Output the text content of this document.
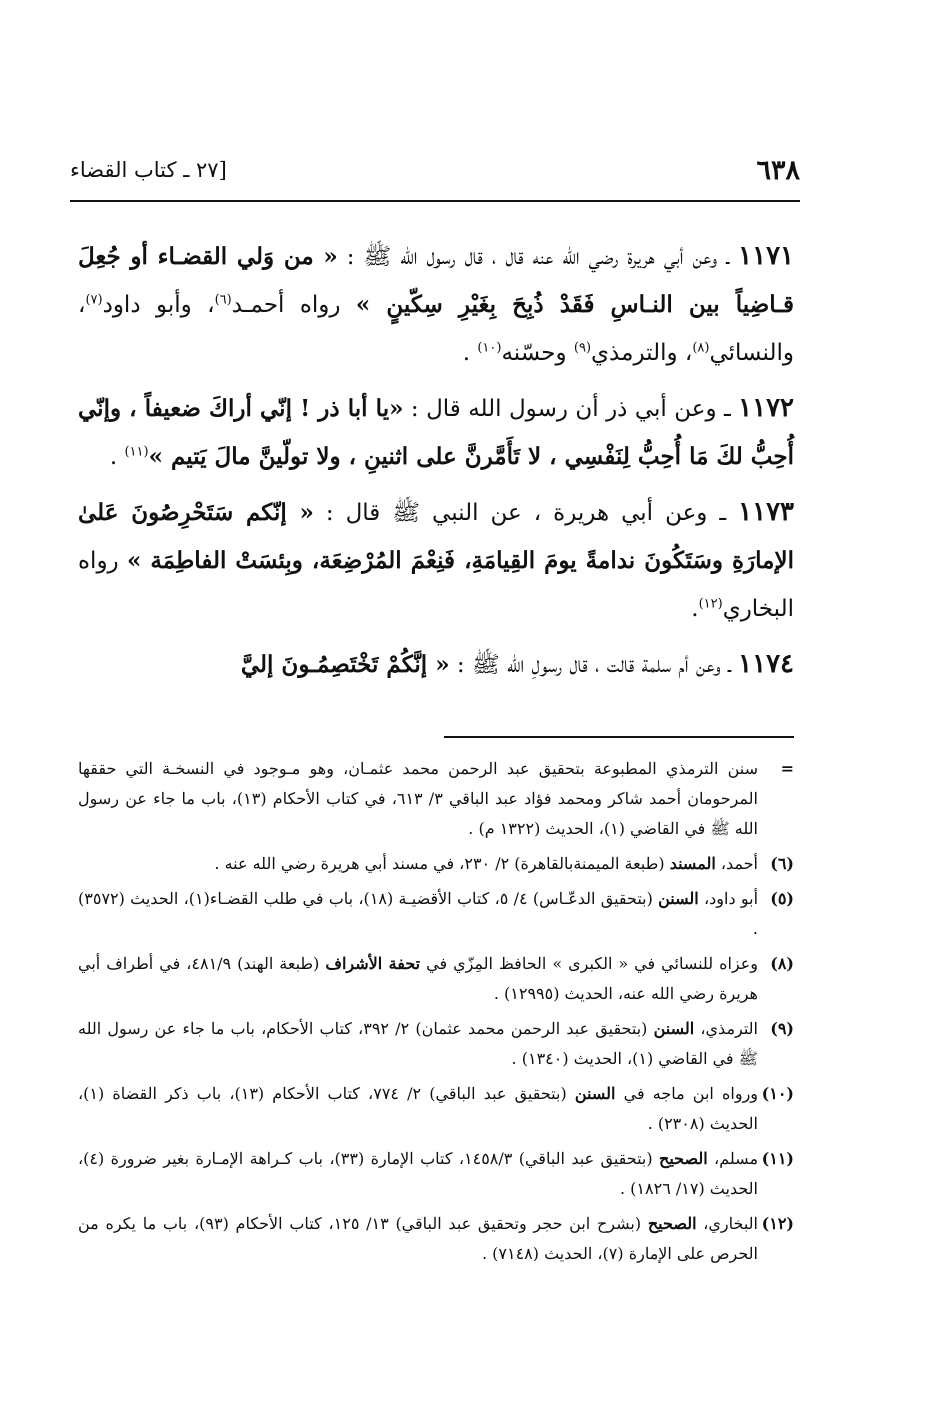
٦٣٨
[٢٧ ـ كتاب القضاء

١١٧١ ـ وعن أبي هريرة رضي الله عنه قال ، قال رسول الله ﷺ : « من وَلي القضـاء أو جُعِلَ قـاضِياً بين النـاسِ فَقَدْ ذُبِحَ بِغَيْرِ سِكّينٍ » رواه أحمـد$^{(٦)}$، وأبو داود$^{(٧)}$، والنسائي$^{(٨)}$، والترمذي$^{(٩)}$ وحسّنه$^{(١٠)}$ .

١١٧٢ ـ وعن أبي ذر أن رسول الله قال : «يا أبا ذر ! إنّي أراكَ ضعيفاً ، وإنّي أُحِبُّ لكَ مَا أُحِبُّ لِنَفْسِي ، لا تَأَمَّرنَّ على اثنينِ ، ولا تولّينَّ مالَ يَتيم »$^{(١١)}$ .

١١٧٣ ـ وعن أبي هريرة ، عن النبي ﷺ قال : « إنّكم سَتَحْرِصُونَ عَلىٰ الإمارَةِ وسَتَكُونَ ندامةً يومَ القِيامَةِ، فَنِعْمَ المُرْضِعَة، وبِئسَتْ الفاطِمَة » رواه البخاري$^{(١٢)}$.

١١٧٤ ـ وعن أم سلمة قالت ، قال رسولِ الله ﷺ : « إنَّكُمْ تَخْتَصِمُـونَ إليَّ

=
سنن الترمذي المطبوعة بتحقيق عبد الرحمن محمد عثمـان، وهو مـوجود في النسخـة التي حققها المرحومان أحمد شاكر ومحمد فؤاد عبد الباقي ٣/ ٦١٣، في كتاب الأحكام (١٣)، باب ما جاء عن رسول الله ﷺ في القاضي (١)، الحديث (١٣٢٢ م) .
(٦)
أحمد، المسند (طبعة الميمنةبالقاهرة) ٢/ ٢٣٠، في مسند أبي هريرة رضي الله عنه .
(٥)
أبو داود، السنن (بتحقيق الدعّـاس) ٤/ ٥، كتاب الأقضيـة (١٨)، باب في طلب القضـاء(١)، الحديث (٣٥٧٢) .
(٨)
وعزاه للنسائي في « الكبرى » الحافظ المِزّي في تحفة الأشراف (طبعة الهند) ٤٨١/٩، في أطراف أبي هريرة رضي الله عنه، الحديث (١٢٩٩٥) .
(٩)
الترمذي، السنن (بتحقيق عبد الرحمن محمد عثمان) ٢/ ٣٩٢، كتاب الأحكام، باب ما جاء عن رسول الله ﷺ في القاضي (١)، الحديث (١٣٤٠) .
(١٠)
ورواه ابن ماجه في السنن (بتحقيق عبد الباقي) ٢/ ٧٧٤، كتاب الأحكام (١٣)، باب ذكر القضاة (١)، الحديث (٢٣٠٨) .
(١١)
مسلم، الصحيح (بتحقيق عبد الباقي) ١٤٥٨/٣، كتاب الإمارة (٣٣)، باب كـراهة الإمـارة بغير ضرورة (٤)، الحديث (١٧/ ١٨٢٦) .
(١٢)
البخاري، الصحيح (بشرح ابن حجر وتحقيق عبد الباقي) ١٣/ ١٢٥، كتاب الأحكام (٩٣)، باب ما يكره من الحرص على الإمارة (٧)، الحديث (٧١٤٨) .
